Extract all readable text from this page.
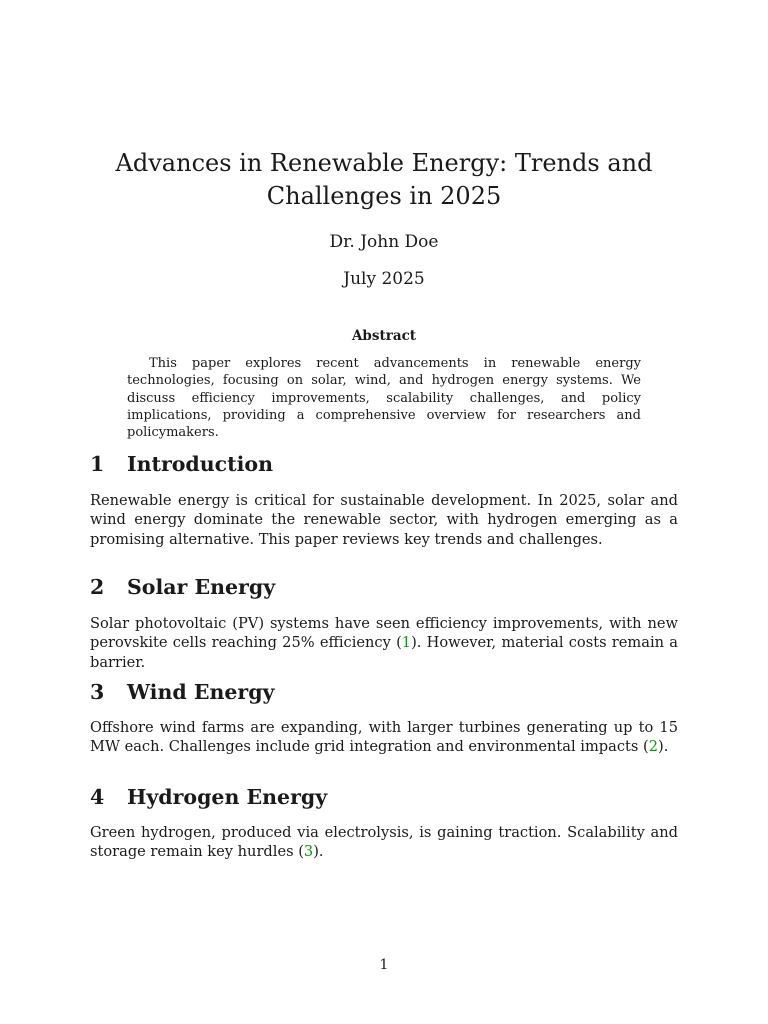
Advances in Renewable Energy: Trends and Challenges in 2025
Dr. John Doe
July 2025
Abstract

This paper explores recent advancements in renewable energy technologies, focusing on solar, wind, and hydrogen energy systems. We discuss efficiency improvements, scalability challenges, and policy implications, providing a comprehensive overview for researchers and policymakers.

1 Introduction

Renewable energy is critical for sustainable development. In 2025, solar and wind energy dominate the renewable sector, with hydrogen emerging as a promising alternative. This paper reviews key trends and challenges.

2 Solar Energy

Solar photovoltaic (PV) systems have seen efficiency improvements, with new perovskite cells reaching 25% efficiency (1). However, material costs remain a barrier.

3 Wind Energy

Offshore wind farms are expanding, with larger turbines generating up to 15 MW each. Challenges include grid integration and environmental impacts (2).

4 Hydrogen Energy

Green hydrogen, produced via electrolysis, is gaining traction. Scalability and storage remain key hurdles (3).

1
